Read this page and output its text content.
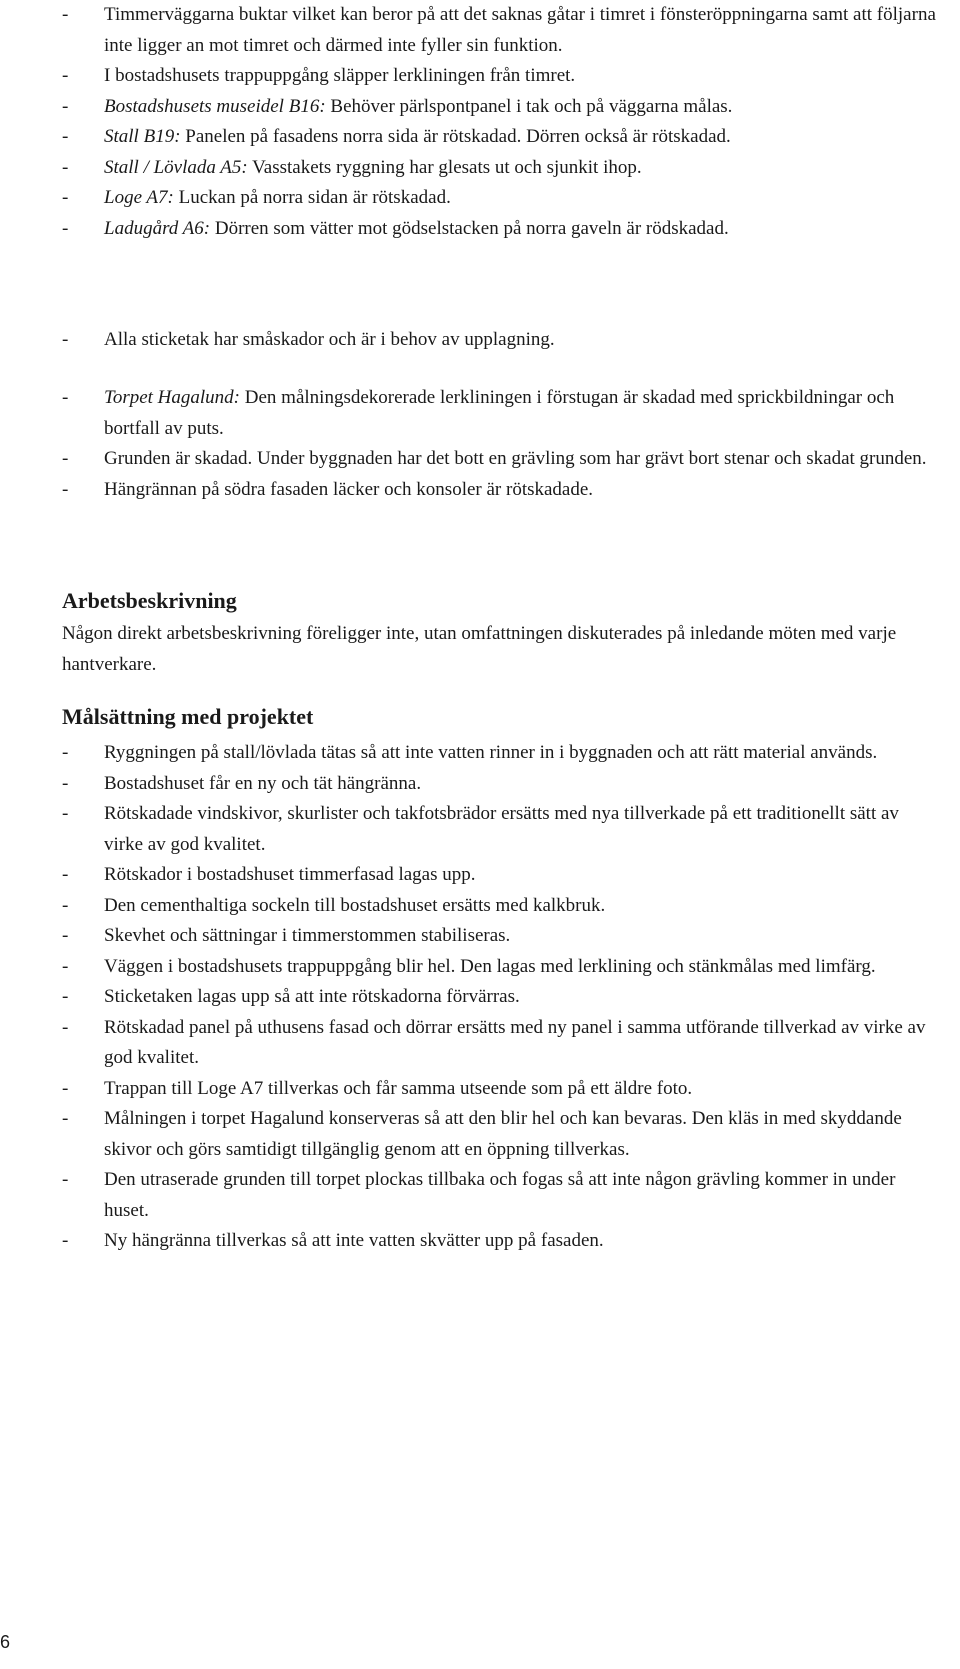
- Timmerväggarna buktar vilket kan beror på att det saknas gåtar i timret i fönsteröppningarna samt att följarna inte ligger an mot timret och därmed inte fyller sin funktion.
- I bostadshusets trappuppgång släpper lerkliningen från timret.
- Bostadshusets museidel B16: Behöver pärlspontpanel i tak och på väggarna målas.
- Stall B19: Panelen på fasadens norra sida är rötskadad. Dörren också är rötskadad.
- Stall / Lövlada A5: Vasstakets ryggning har glesats ut och sjunkit ihop.
- Loge A7: Luckan på norra sidan är rötskadad.
- Ladugård A6: Dörren som vätter mot gödselstacken på norra gaveln är rödskadad.
- Alla sticketak har småskador och är i behov av upplagning.
- Torpet Hagalund: Den målningsdekorerade lerkliningen i förstugan är skadad med sprickbildningar och bortfall av puts.
- Grunden är skadad. Under byggnaden har det bott en grävling som har grävt bort stenar och skadat grunden.
- Hängrännan på södra fasaden läcker och konsoler är rötskadade.
Arbetsbeskrivning

Någon direkt arbetsbeskrivning föreligger inte, utan omfattningen diskuterades på inledande möten med varje hantverkare.

Målsättning med projektet
- Ryggningen på stall/lövlada tätas så att inte vatten rinner in i byggnaden och att rätt material används.
- Bostadshuset får en ny och tät hängränna.
- Rötskadade vindskivor, skurlister och takfotsbrädor ersätts med nya tillverkade på ett traditionellt sätt av virke av god kvalitet.
- Rötskador i bostadshuset timmerfasad lagas upp.
- Den cementhaltiga sockeln till bostadshuset ersätts med kalkbruk.
- Skevhet och sättningar i timmerstommen stabiliseras.
- Väggen i bostadshusets trappuppgång blir hel. Den lagas med lerklining och stänkmålas med limfärg.
- Sticketaken lagas upp så att inte rötskadorna förvärras.
- Rötskadad panel på uthusens fasad och dörrar ersätts med ny panel i samma utförande tillverkad av virke av god kvalitet.
- Trappan till Loge A7 tillverkas och får samma utseende som på ett äldre foto.
- Målningen i torpet Hagalund konserveras så att den blir hel och kan bevaras. Den kläs in med skyddande skivor och görs samtidigt tillgänglig genom att en öppning tillverkas.
- Den utraserade grunden till torpet plockas tillbaka och fogas så att inte någon grävling kommer in under huset.
- Ny hängränna tillverkas så att inte vatten skvätter upp på fasaden.
6
